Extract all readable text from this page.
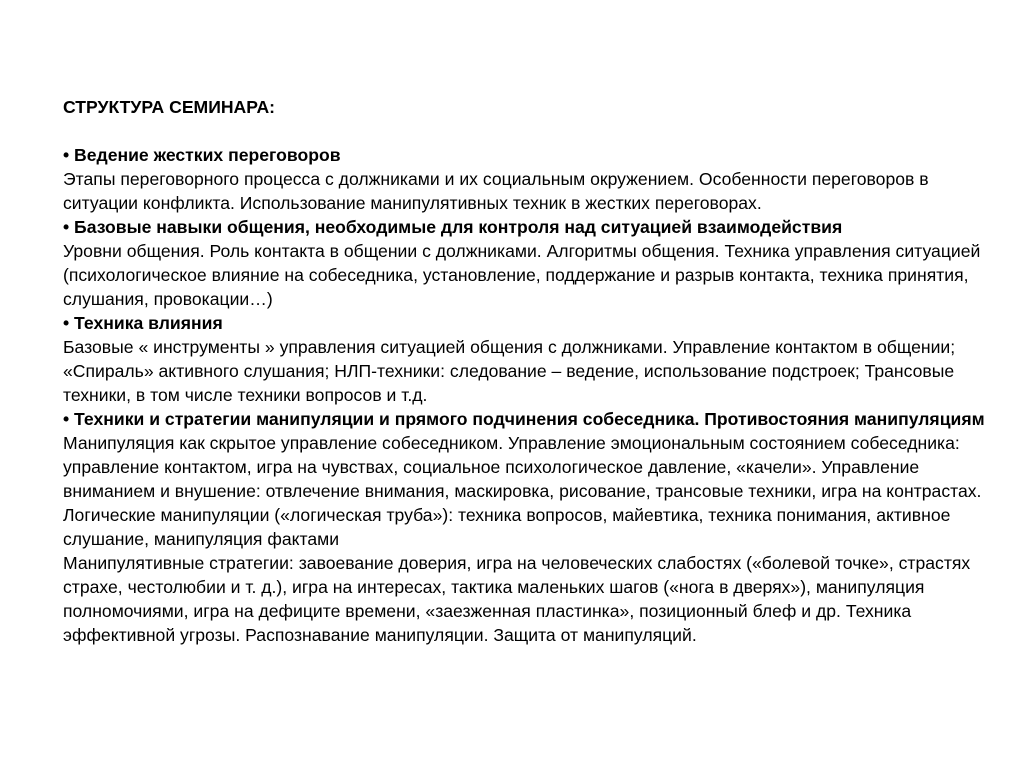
СТРУКТУРА СЕМИНАРА:

• Ведение жестких переговоров

Этапы переговорного процесса с должниками и их социальным окружением. Особенности переговоров в ситуации конфликта. Использование манипулятивных техник в жестких переговорах.

• Базовые навыки общения, необходимые для контроля над ситуацией взаимодействия

Уровни общения. Роль контакта в общении с должниками. Алгоритмы общения. Техника управления ситуацией (психологическое влияние на собеседника, установление, поддержание и разрыв контакта, техника принятия, слушания, провокации…)

• Техника влияния

Базовые « инструменты » управления ситуацией общения с должниками. Управление контактом в общении; «Спираль» активного слушания; НЛП-техники: следование – ведение, использование подстроек; Трансовые техники, в том числе техники вопросов и т.д.

• Техники и стратегии манипуляции и прямого подчинения собеседника. Противостояния манипуляциям

Манипуляция как скрытое управление собеседником. Управление эмоциональным состоянием собеседника: управление контактом, игра на чувствах, социальное психологическое давление, «качели». Управление вниманием и внушение: отвлечение внимания, маскировка, рисование, трансовые техники, игра на контрастах.

Логические манипуляции («логическая труба»): техника вопросов, майевтика, техника понимания, активное слушание, манипуляция фактами

Манипулятивные стратегии: завоевание доверия, игра на человеческих слабостях («болевой точке», страстях страхе, честолюбии и т. д.), игра на интересах, тактика маленьких шагов («нога в дверях»), манипуляция полномочиями, игра на дефиците времени, «заезженная пластинка», позиционный блеф и др. Техника эффективной угрозы. Распознавание манипуляции. Защита от манипуляций.
